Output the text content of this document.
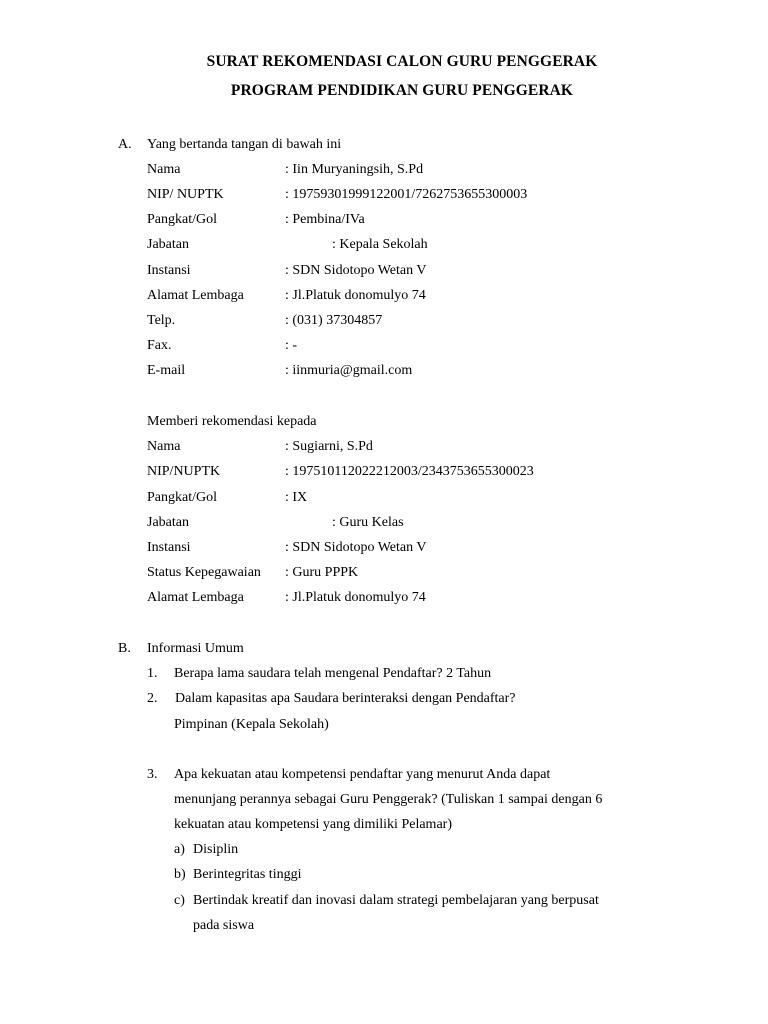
SURAT REKOMENDASI CALON GURU PENGGERAK
PROGRAM PENDIDIKAN GURU PENGGERAK
A. Yang bertanda tangan di bawah ini
Nama	: Iin Muryaningsih, S.Pd
NIP/ NUPTK	: 19759301999122001/7262753655300003
Pangkat/Gol	: Pembina/IVa
Jabatan	: Kepala Sekolah
Instansi	: SDN Sidotopo Wetan V
Alamat Lembaga	: Jl.Platuk donomulyo 74
Telp.	: (031) 37304857
Fax.	: -
E-mail	: iinmuria@gmail.com
Memberi rekomendasi kepada
Nama	: Sugiarni, S.Pd
NIP/NUPTK	: 197510112022212003/2343753655300023
Pangkat/Gol	: IX
Jabatan	: Guru Kelas
Instansi	: SDN Sidotopo Wetan V
Status Kepegawaian : Guru PPPK
Alamat Lembaga	: Jl.Platuk donomulyo 74
B. Informasi Umum
1. Berapa lama saudara telah mengenal Pendaftar? 2 Tahun
2. Dalam kapasitas apa Saudara berinteraksi dengan Pendaftar?
Pimpinan (Kepala Sekolah)
3. Apa kekuatan atau kompetensi pendaftar yang menurut Anda dapat
menunjang perannya sebagai Guru Penggerak? (Tuliskan 1 sampai dengan 6
kekuatan atau kompetensi yang dimiliki Pelamar)
a) Disiplin
b) Berintegritas tinggi
c) Bertindak kreatif dan inovasi dalam strategi pembelajaran yang berpusat
pada siswa
